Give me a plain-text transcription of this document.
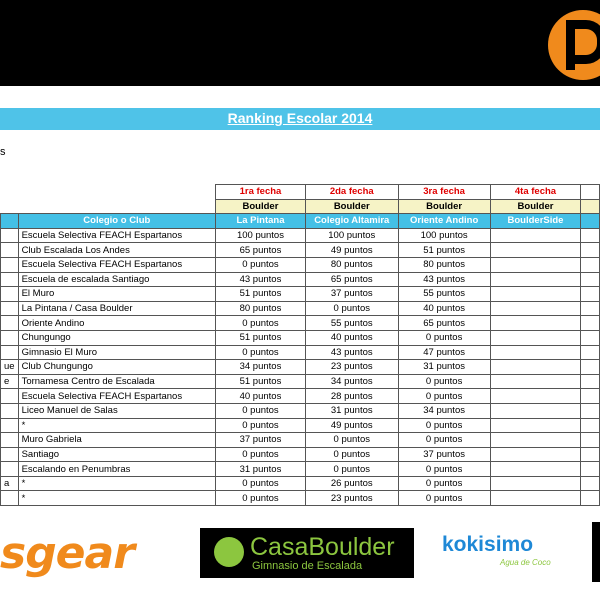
Ranking Escolar 2014
s
		1ra fecha	2da fecha	3ra fecha	4ta fecha	
		Boulder	Boulder	Boulder	Boulder	
	Colegio o Club	La Pintana	Colegio Altamira	Oriente Andino	BoulderSide	
	Escuela Selectiva FEACH Espartanos	100 puntos	100 puntos	100 puntos		
	Club Escalada Los Andes	65 puntos	49 puntos	51 puntos		
	Escuela Selectiva FEACH Espartanos	0 puntos	80 puntos	80 puntos		
	Escuela de escalada Santiago	43 puntos	65 puntos	43 puntos		
	El Muro	51 puntos	37 puntos	55 puntos		
	La Pintana / Casa Boulder	80 puntos	0 puntos	40 puntos		
	Oriente Andino	0 puntos	55 puntos	65 puntos		
	Chungungo	51 puntos	40 puntos	0 puntos		
	Gimnasio El Muro	0 puntos	43 puntos	47 puntos		
ue	Club Chungungo	34 puntos	23 puntos	31 puntos		
e	Tornamesa Centro de Escalada	51 puntos	34 puntos	0 puntos		
	Escuela Selectiva FEACH Espartanos	40 puntos	28 puntos	0 puntos		
	Liceo Manuel de Salas	0 puntos	31 puntos	34 puntos		
	*	0 puntos	49 puntos	0 puntos		
	Muro Gabriela	37 puntos	0 puntos	0 puntos		
	Santiago	0 puntos	0 puntos	37 puntos		
	Escalando en Penumbras	31 puntos	0 puntos	0 puntos		
a	*	0 puntos	26 puntos	0 puntos		
	*	0 puntos	23 puntos	0 puntos		
sgear	CasaBoulder
Gimnasio de Escalada
kokisimo
Agua de Coco
